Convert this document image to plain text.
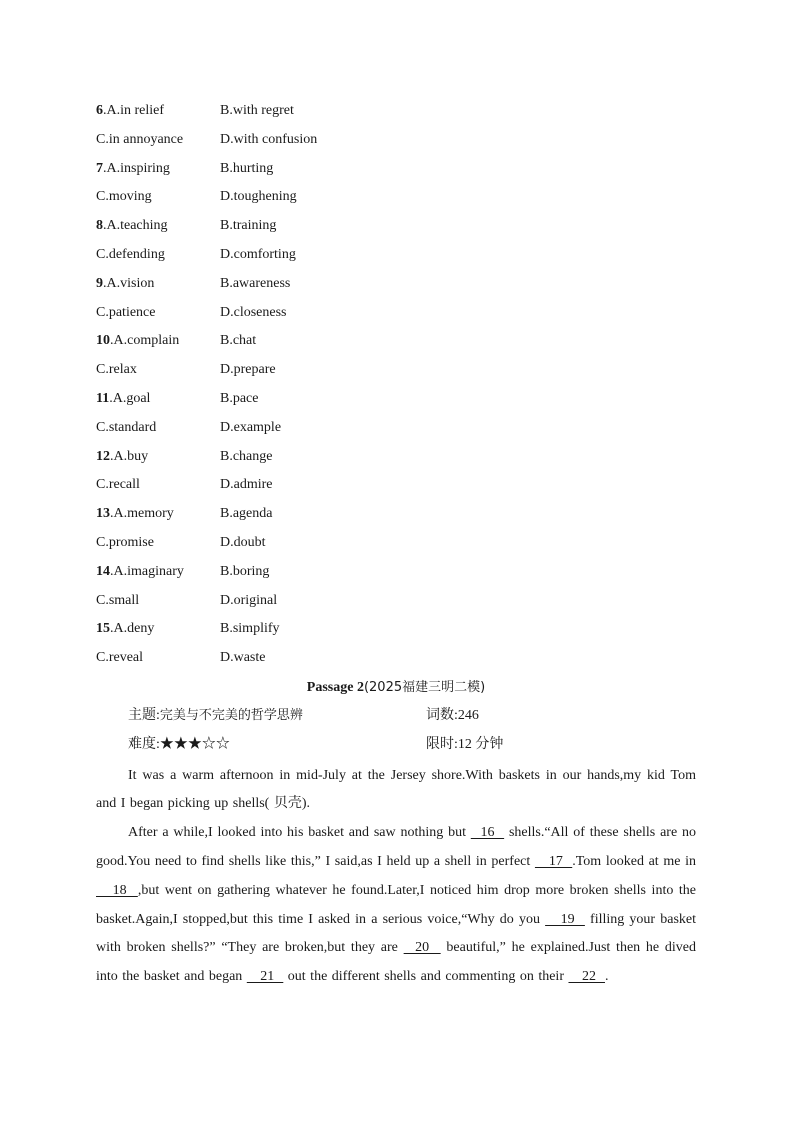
6.A.in relief	B.with regret
C.in annoyance	D.with confusion
7.A.inspiring	B.hurting
C.moving	D.toughening
8.A.teaching	B.training
C.defending	D.comforting
9.A.vision	B.awareness
C.patience	D.closeness
10.A.complain	B.chat
C.relax	D.prepare
11.A.goal	B.pace
C.standard	D.example
12.A.buy	B.change
C.recall	D.admire
13.A.memory	B.agenda
C.promise	D.doubt
14.A.imaginary	B.boring
C.small	D.original
15.A.deny	B.simplify
C.reveal	D.waste
Passage 2(2025福建三明二模)
主题:完美与不完美的哲学思辨	词数:246
难度:★★★☆☆	限时:12 分钟

It was a warm afternoon in mid-July at the Jersey shore.With baskets in our hands,my kid Tom and I began picking up shells( 贝壳).

After a while,I looked into his basket and saw nothing but   16   shells.“All of these shells are no good.You need to find shells like this,” I said,as I held up a shell in perfect    17  .Tom looked at me in    18  ,but went on gathering whatever he found.Later,I noticed him drop more broken shells into the basket.Again,I stopped,but this time I asked in a serious voice,“Why do you    19   filling your basket with broken shells?” “They are broken,but they are   20   beautiful,” he explained.Just then he dived into the basket and began    21   out the different shells and commenting on their    22  .
